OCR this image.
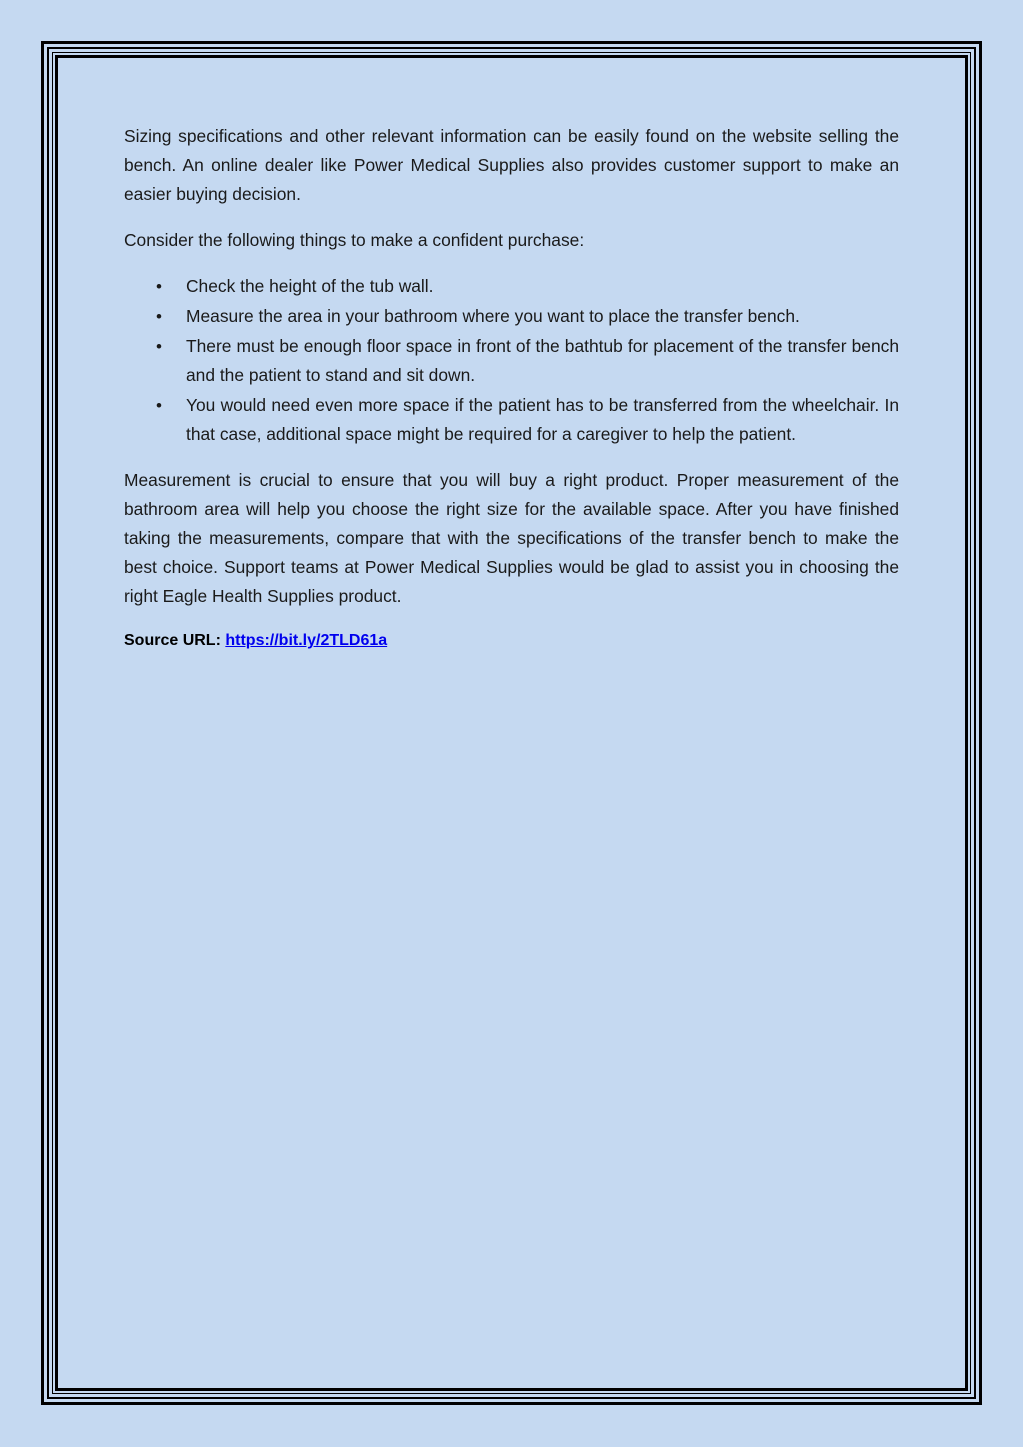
Sizing specifications and other relevant information can be easily found on the website selling the bench. An online dealer like Power Medical Supplies also provides customer support to make an easier buying decision.

Consider the following things to make a confident purchase:

• Check the height of the tub wall.
• Measure the area in your bathroom where you want to place the transfer bench.
• There must be enough floor space in front of the bathtub for placement of the transfer bench and the patient to stand and sit down.
• You would need even more space if the patient has to be transferred from the wheelchair. In that case, additional space might be required for a caregiver to help the patient.

Measurement is crucial to ensure that you will buy a right product. Proper measurement of the bathroom area will help you choose the right size for the available space. After you have finished taking the measurements, compare that with the specifications of the transfer bench to make the best choice. Support teams at Power Medical Supplies would be glad to assist you in choosing the right Eagle Health Supplies product.

Source URL: https://bit.ly/2TLD61a
